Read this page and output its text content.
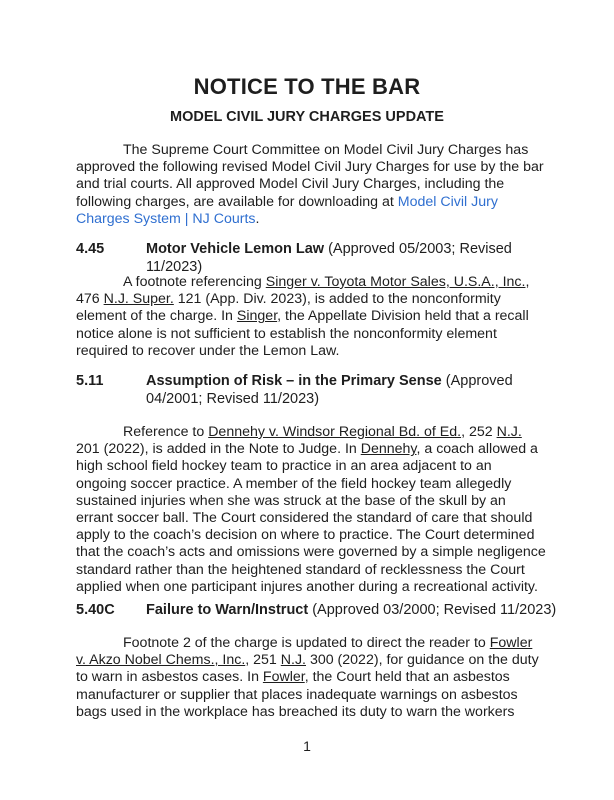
NOTICE TO THE BAR
MODEL CIVIL JURY CHARGES UPDATE

The Supreme Court Committee on Model Civil Jury Charges has approved the following revised Model Civil Jury Charges for use by the bar and trial courts. All approved Model Civil Jury Charges, including the following charges, are available for downloading at Model Civil Jury Charges System | NJ Courts.

4.45	Motor Vehicle Lemon Law (Approved 05/2003; Revised 11/2023)

A footnote referencing Singer v. Toyota Motor Sales, U.S.A., Inc., 476 N.J. Super. 121 (App. Div. 2023), is added to the nonconformity element of the charge. In Singer, the Appellate Division held that a recall notice alone is not sufficient to establish the nonconformity element required to recover under the Lemon Law.

5.11	Assumption of Risk – in the Primary Sense (Approved 04/2001; Revised 11/2023)

Reference to Dennehy v. Windsor Regional Bd. of Ed., 252 N.J. 201 (2022), is added in the Note to Judge. In Dennehy, a coach allowed a high school field hockey team to practice in an area adjacent to an ongoing soccer practice. A member of the field hockey team allegedly sustained injuries when she was struck at the base of the skull by an errant soccer ball. The Court considered the standard of care that should apply to the coach’s decision on where to practice. The Court determined that the coach’s acts and omissions were governed by a simple negligence standard rather than the heightened standard of recklessness the Court applied when one participant injures another during a recreational activity.

5.40C Failure to Warn/Instruct (Approved 03/2000; Revised 11/2023)

Footnote 2 of the charge is updated to direct the reader to Fowler v. Akzo Nobel Chems., Inc., 251 N.J. 300 (2022), for guidance on the duty to warn in asbestos cases. In Fowler, the Court held that an asbestos manufacturer or supplier that places inadequate warnings on asbestos bags used in the workplace has breached its duty to warn the workers

1
